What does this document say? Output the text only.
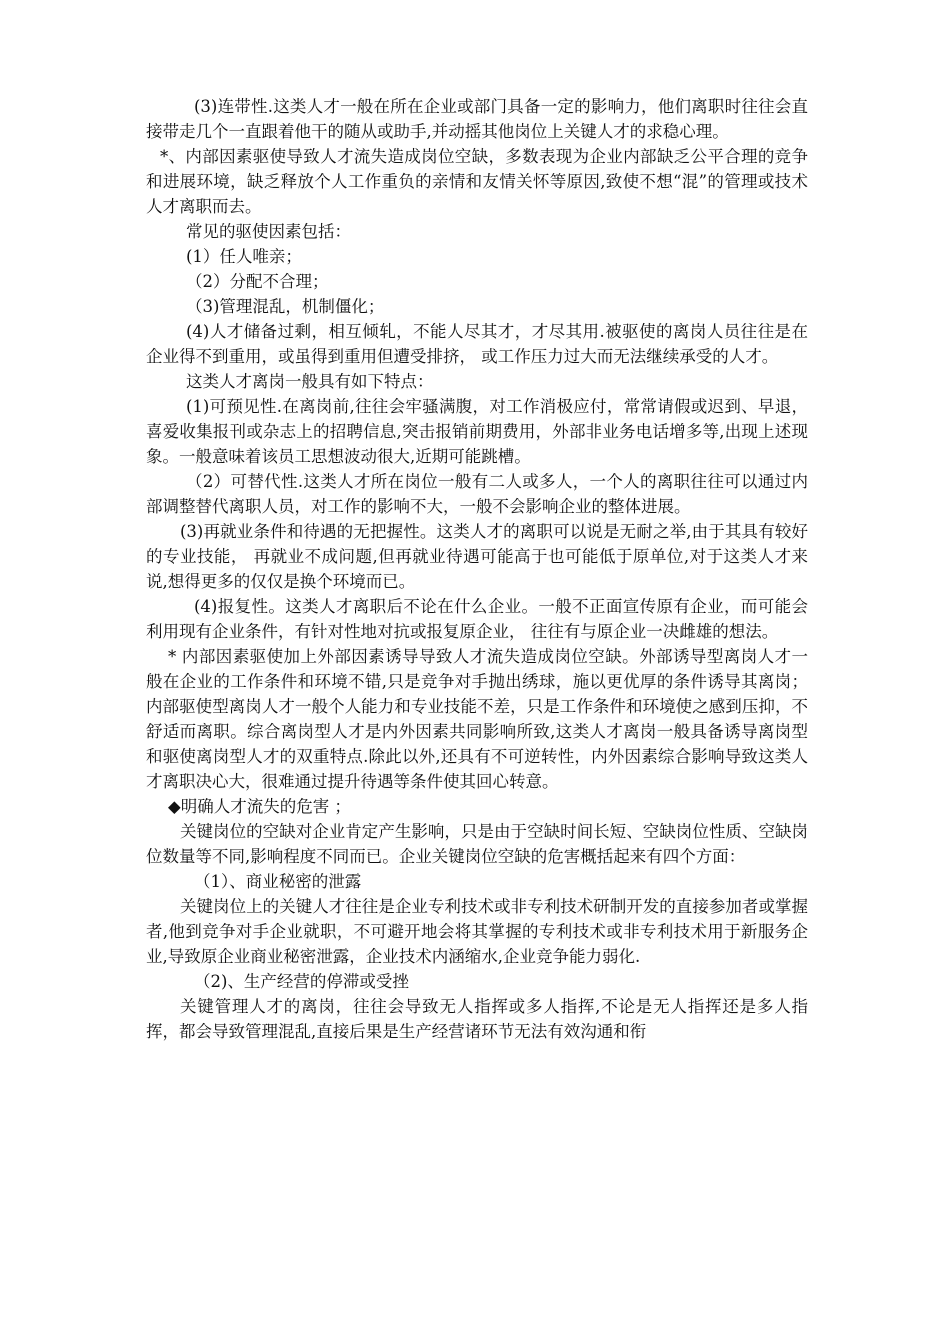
(3)连带性.这类人才一般在所在企业或部门具备一定的影响力，他们离职时往往会直接带走几个一直跟着他干的随从或助手,并动摇其他岗位上关键人才的求稳心理。

*、内部因素驱使导致人才流失造成岗位空缺，多数表现为企业内部缺乏公平合理的竞争和进展环境，缺乏释放个人工作重负的亲情和友情关怀等原因,致使不想“混”的管理或技术人才离职而去。

常见的驱使因素包括：

(1）任人唯亲；

（2）分配不合理；

（3)管理混乱，机制僵化；

(4)人才储备过剩，相互倾轧，不能人尽其才，才尽其用.被驱使的离岗人员往往是在企业得不到重用，或虽得到重用但遭受排挤， 或工作压力过大而无法继续承受的人才。

这类人才离岗一般具有如下特点：

(1)可预见性.在离岗前,往往会牢骚满腹，对工作消极应付，常常请假或迟到、早退，喜爱收集报刊或杂志上的招聘信息,突击报销前期费用，外部非业务电话增多等,出现上述现象。一般意味着该员工思想波动很大,近期可能跳槽。

（2）可替代性.这类人才所在岗位一般有二人或多人，一个人的离职往往可以通过内部调整替代离职人员，对工作的影响不大，一般不会影响企业的整体进展。

(3)再就业条件和待遇的无把握性。这类人才的离职可以说是无耐之举,由于其具有较好的专业技能， 再就业不成问题,但再就业待遇可能高于也可能低于原单位,对于这类人才来说,想得更多的仅仅是换个环境而已。

(4)报复性。这类人才离职后不论在什么企业。一般不正面宣传原有企业，而可能会利用现有企业条件，有针对性地对抗或报复原企业， 往往有与原企业一决雌雄的想法。

* 内部因素驱使加上外部因素诱导导致人才流失造成岗位空缺。外部诱导型离岗人才一般在企业的工作条件和环境不错,只是竞争对手抛出绣球，施以更优厚的条件诱导其离岗；内部驱使型离岗人才一般个人能力和专业技能不差，只是工作条件和环境使之感到压抑，不舒适而离职。综合离岗型人才是内外因素共同影响所致,这类人才离岗一般具备诱导离岗型和驱使离岗型人才的双重特点.除此以外,还具有不可逆转性，内外因素综合影响导致这类人才离职决心大，很难通过提升待遇等条件使其回心转意。

◆明确人才流失的危害 ；

关键岗位的空缺对企业肯定产生影响，只是由于空缺时间长短、空缺岗位性质、空缺岗位数量等不同,影响程度不同而已。企业关键岗位空缺的危害概括起来有四个方面：

（1）、商业秘密的泄露

关键岗位上的关键人才往往是企业专利技术或非专利技术研制开发的直接参加者或掌握者,他到竞争对手企业就职，不可避开地会将其掌握的专利技术或非专利技术用于新服务企业,导致原企业商业秘密泄露，企业技术内涵缩水,企业竞争能力弱化.

（2)、生产经营的停滞或受挫

关键管理人才的离岗，往往会导致无人指挥或多人指挥,不论是无人指挥还是多人指挥，都会导致管理混乱,直接后果是生产经营诸环节无法有效沟通和衔
